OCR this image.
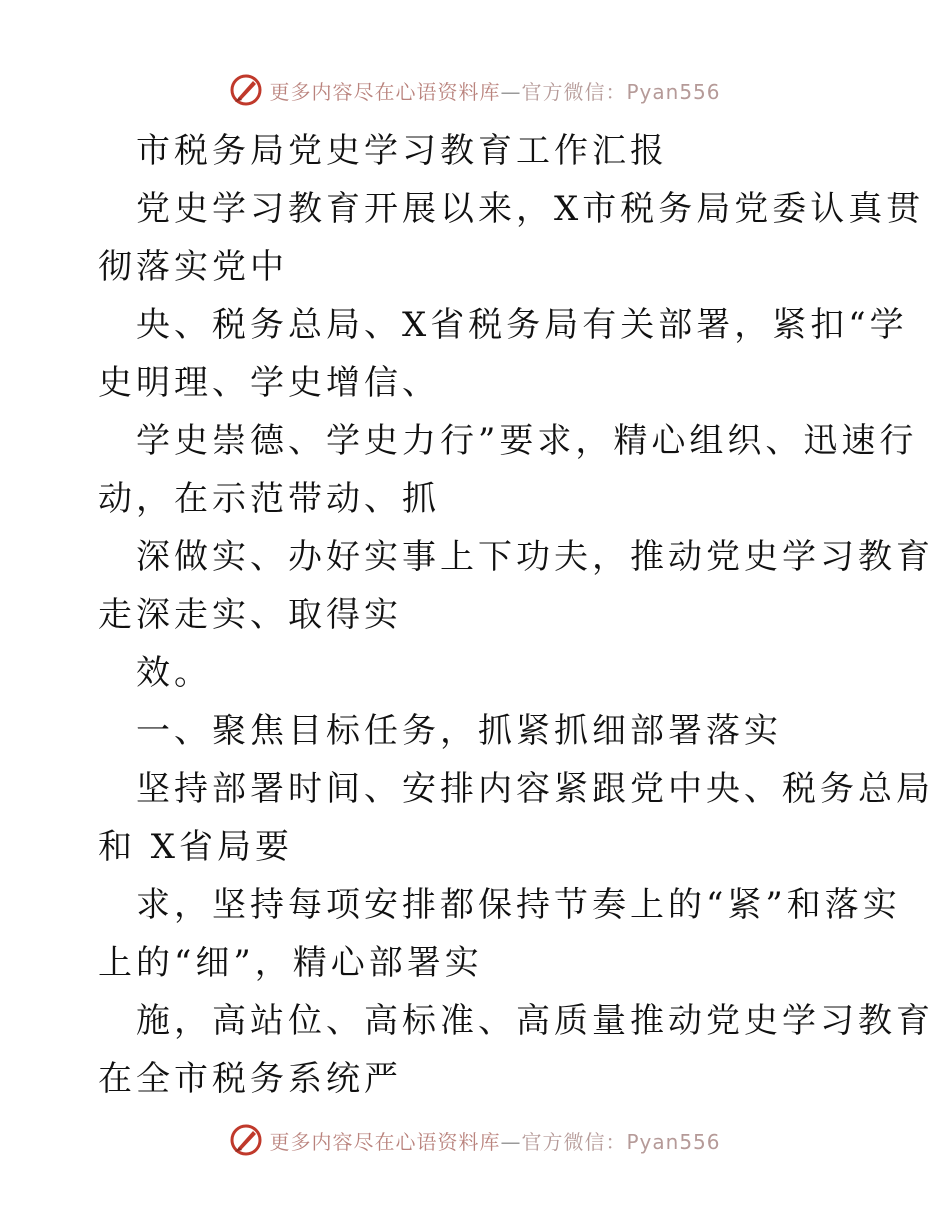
更多内容尽在心语资料库—官方微信：Pyan556
市税务局党史学习教育工作汇报
党史学习教育开展以来，X市税务局党委认真贯
彻落实党中
央、税务总局、X省税务局有关部署，紧扣“学
史明理、学史增信、
学史崇德、学史力行”要求，精心组织、迅速行
动，在示范带动、抓
深做实、办好实事上下功夫，推动党史学习教育
走深走实、取得实
效。
一、聚焦目标任务，抓紧抓细部署落实
坚持部署时间、安排内容紧跟党中央、税务总局
和 X省局要
求，坚持每项安排都保持节奏上的“紧”和落实
上的“细”，精心部署实
施，高站位、高标准、高质量推动党史学习教育
在全市税务系统严
更多内容尽在心语资料库—官方微信：Pyan556
